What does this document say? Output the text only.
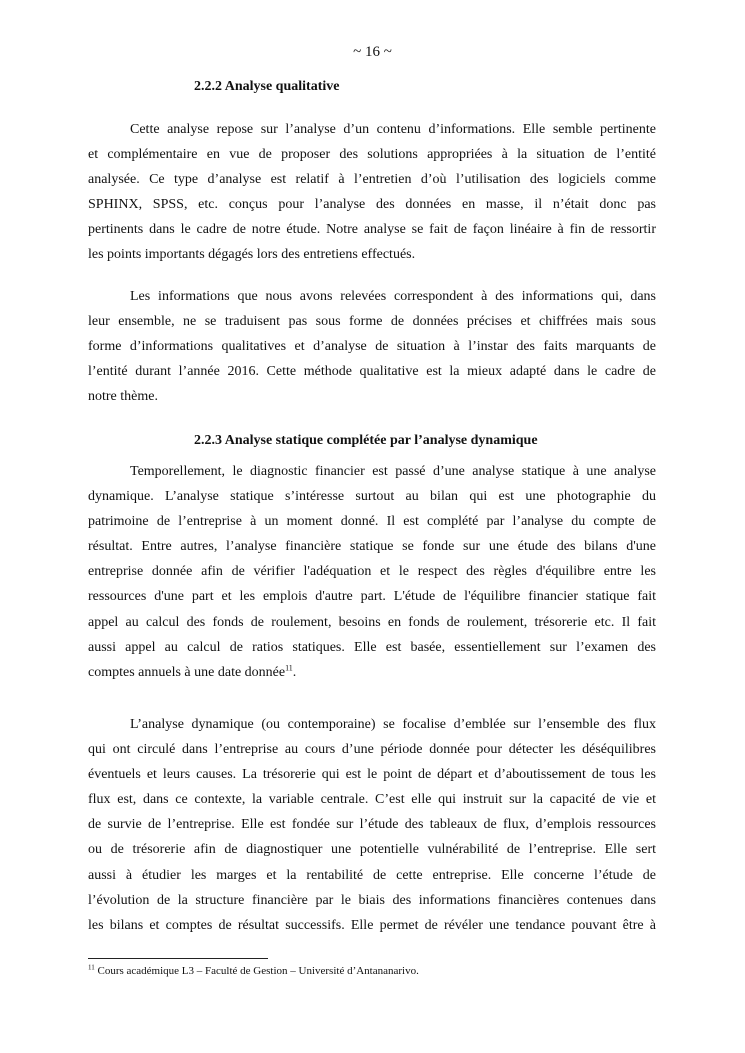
~ 16 ~
2.2.2 Analyse qualitative
Cette analyse repose sur l’analyse d’un contenu d’informations. Elle semble pertinente
et complémentaire en vue de proposer des solutions appropriées à la situation de l’entité
analysée. Ce type d’analyse est relatif à l’entretien d’où l’utilisation des logiciels comme
SPHINX, SPSS, etc. conçus pour l’analyse des données en masse, il n’était donc pas
pertinents dans le cadre de notre étude. Notre analyse se fait de façon linéaire à fin de ressortir
les points importants dégagés lors des entretiens effectués.
Les informations que nous avons relevées correspondent à des informations qui, dans
leur ensemble, ne se traduisent pas sous forme de données précises et chiffrées mais sous
forme d’informations qualitatives et d’analyse de situation à l’instar des faits marquants de
l’entité durant l’année 2016. Cette méthode qualitative est la mieux adapté dans le cadre de
notre thème.
2.2.3 Analyse statique complétée par l’analyse dynamique
Temporellement, le diagnostic financier est passé d’une analyse statique à une analyse
dynamique. L’analyse statique s’intéresse surtout au bilan qui est une photographie du
patrimoine de l’entreprise à un moment donné. Il est complété par l’analyse du compte de
résultat. Entre autres, l’analyse financière statique se fonde sur une étude des bilans d'une
entreprise donnée afin de vérifier l'adéquation et le respect des règles d'équilibre entre les
ressources d'une part et les emplois d'autre part. L'étude de l'équilibre financier statique fait
appel au calcul des fonds de roulement, besoins en fonds de roulement, trésorerie etc. Il fait
aussi appel au calcul de ratios statiques. Elle est basée, essentiellement sur l’examen des
comptes annuels à une date donnée$^{11}$.
L’analyse dynamique (ou contemporaine) se focalise d’emblée sur l’ensemble des flux
qui ont circulé dans l’entreprise au cours d’une période donnée pour détecter les déséquilibres
éventuels et leurs causes. La trésorerie qui est le point de départ et d’aboutissement de tous les
flux est, dans ce contexte, la variable centrale. C’est elle qui instruit sur la capacité de vie et
de survie de l’entreprise. Elle est fondée sur l’étude des tableaux de flux, d’emplois ressources
ou de trésorerie afin de diagnostiquer une potentielle vulnérabilité de l’entreprise. Elle sert
aussi à étudier les marges et la rentabilité de cette entreprise. Elle concerne l’étude de
l’évolution de la structure financière par le biais des informations financières contenues dans
les bilans et comptes de résultat successifs. Elle permet de révéler une tendance pouvant être à
$^{11}$ Cours académique L3 – Faculté de Gestion – Université d’Antananarivo.
